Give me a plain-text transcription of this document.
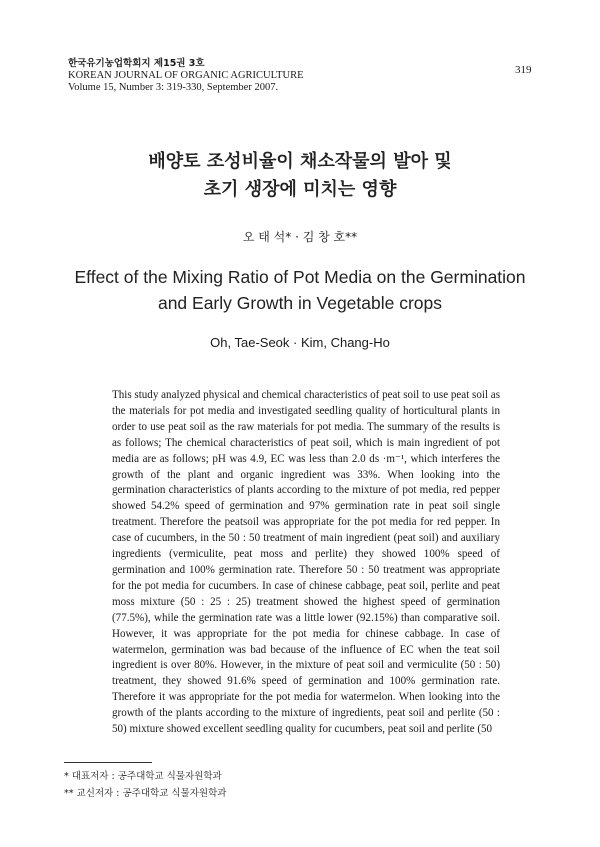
한국유기농업학회지 제15권 3호
KOREAN JOURNAL OF ORGANIC AGRICULTURE
Volume 15, Number 3: 319-330, September 2007.
319
배양토 조성비율이 채소작물의 발아 및
초기 생장에 미치는 영향
오 태 석* · 김 창 호**
Effect of the Mixing Ratio of Pot Media on the Germination
and Early Growth in Vegetable crops
Oh, Tae-Seok · Kim, Chang-Ho

This study analyzed physical and chemical characteristics of peat soil to use peat soil as the materials for pot media and investigated seedling quality of horticultural plants in order to use peat soil as the raw materials for pot media. The summary of the results is as follows; The chemical characteristics of peat soil, which is main ingredient of pot media are as follows; pH was 4.9, EC was less than 2.0 ds ·m⁻¹, which interferes the growth of the plant and organic ingredient was 33%. When looking into the germination characteristics of plants according to the mixture of pot media, red pepper showed 54.2% speed of germination and 97% germination rate in peat soil single treatment. Therefore the peatsoil was appropriate for the pot media for red pepper. In case of cucumbers, in the 50 : 50 treatment of main ingredient (peat soil) and auxiliary ingredients (vermiculite, peat moss and perlite) they showed 100% speed of germination and 100% germination rate. Therefore 50 : 50 treatment was appropriate for the pot media for cucumbers. In case of chinese cabbage, peat soil, perlite and peat moss mixture (50 : 25 : 25) treatment showed the highest speed of germination (77.5%), while the germination rate was a little lower (92.15%) than comparative soil. However, it was appropriate for the pot media for chinese cabbage. In case of watermelon, germination was bad because of the influence of EC when the teat soil ingredient is over 80%. However, in the mixture of peat soil and vermiculite (50 : 50) treatment, they showed 91.6% speed of germination and 100% germination rate. Therefore it was appropriate for the pot media for watermelon. When looking into the growth of the plants according to the mixture of ingredients, peat soil and perlite (50 : 50) mixture showed excellent seedling quality for cucumbers, peat soil and perlite (50

* 대표저자 : 공주대학교 식물자원학과
** 교신저자 : 공주대학교 식물자원학과
